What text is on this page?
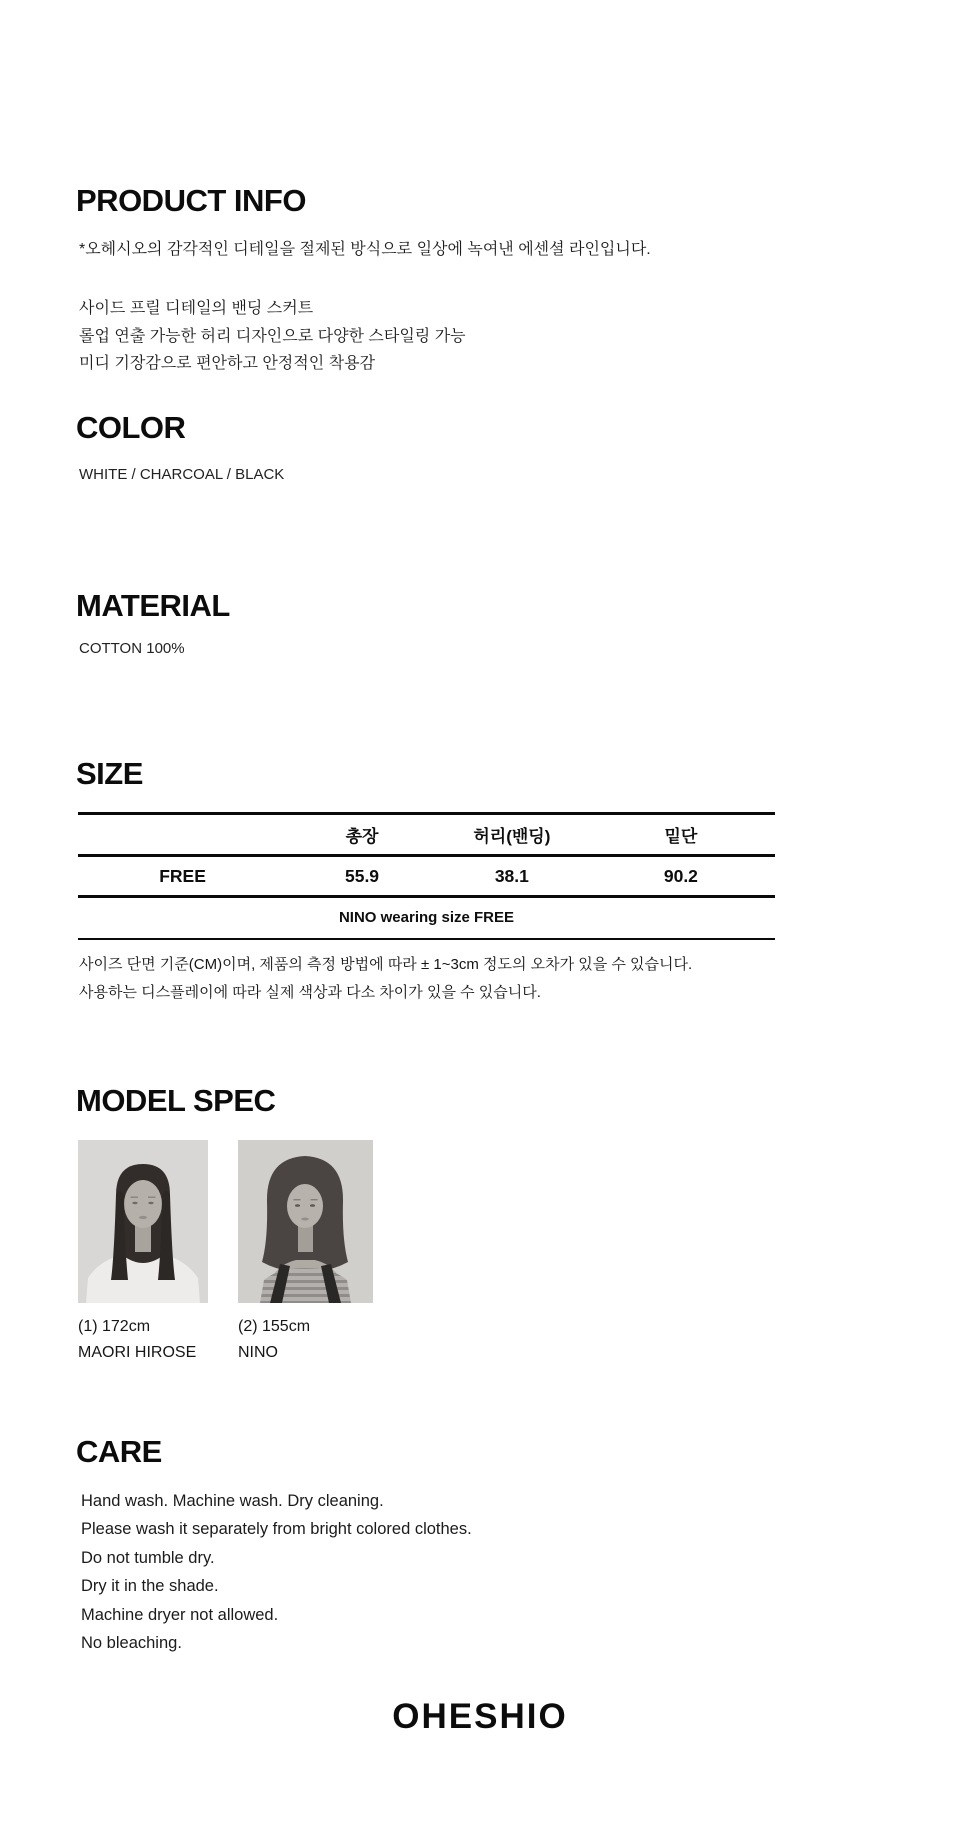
PRODUCT INFO

*오헤시오의 감각적인 디테일을 절제된 방식으로 일상에 녹여낸 에센셜 라인입니다.

사이드 프릴 디테일의 밴딩 스커트

롤업 연출 가능한 허리 디자인으로 다양한 스타일링 가능

미디 기장감으로 편안하고 안정적인 착용감

COLOR

WHITE / CHARCOAL / BLACK

MATERIAL

COTTON 100%

SIZE
	총장	허리(밴딩)	밑단
FREE	55.9	38.1	90.2
NINO wearing size FREE			

사이즈 단면 기준(CM)이며, 제품의 측정 방법에 따라 ± 1~3cm 정도의 오차가 있을 수 있습니다.

사용하는 디스플레이에 따라 실제 색상과 다소 차이가 있을 수 있습니다.

MODEL SPEC

(1) 172cm

MAORI HIROSE

(2) 155cm

NINO

CARE

Hand wash. Machine wash. Dry cleaning.

Please wash it separately from bright colored clothes.

Do not tumble dry.

Dry it in the shade.

Machine dryer not allowed.

No bleaching.

OHESHIO
